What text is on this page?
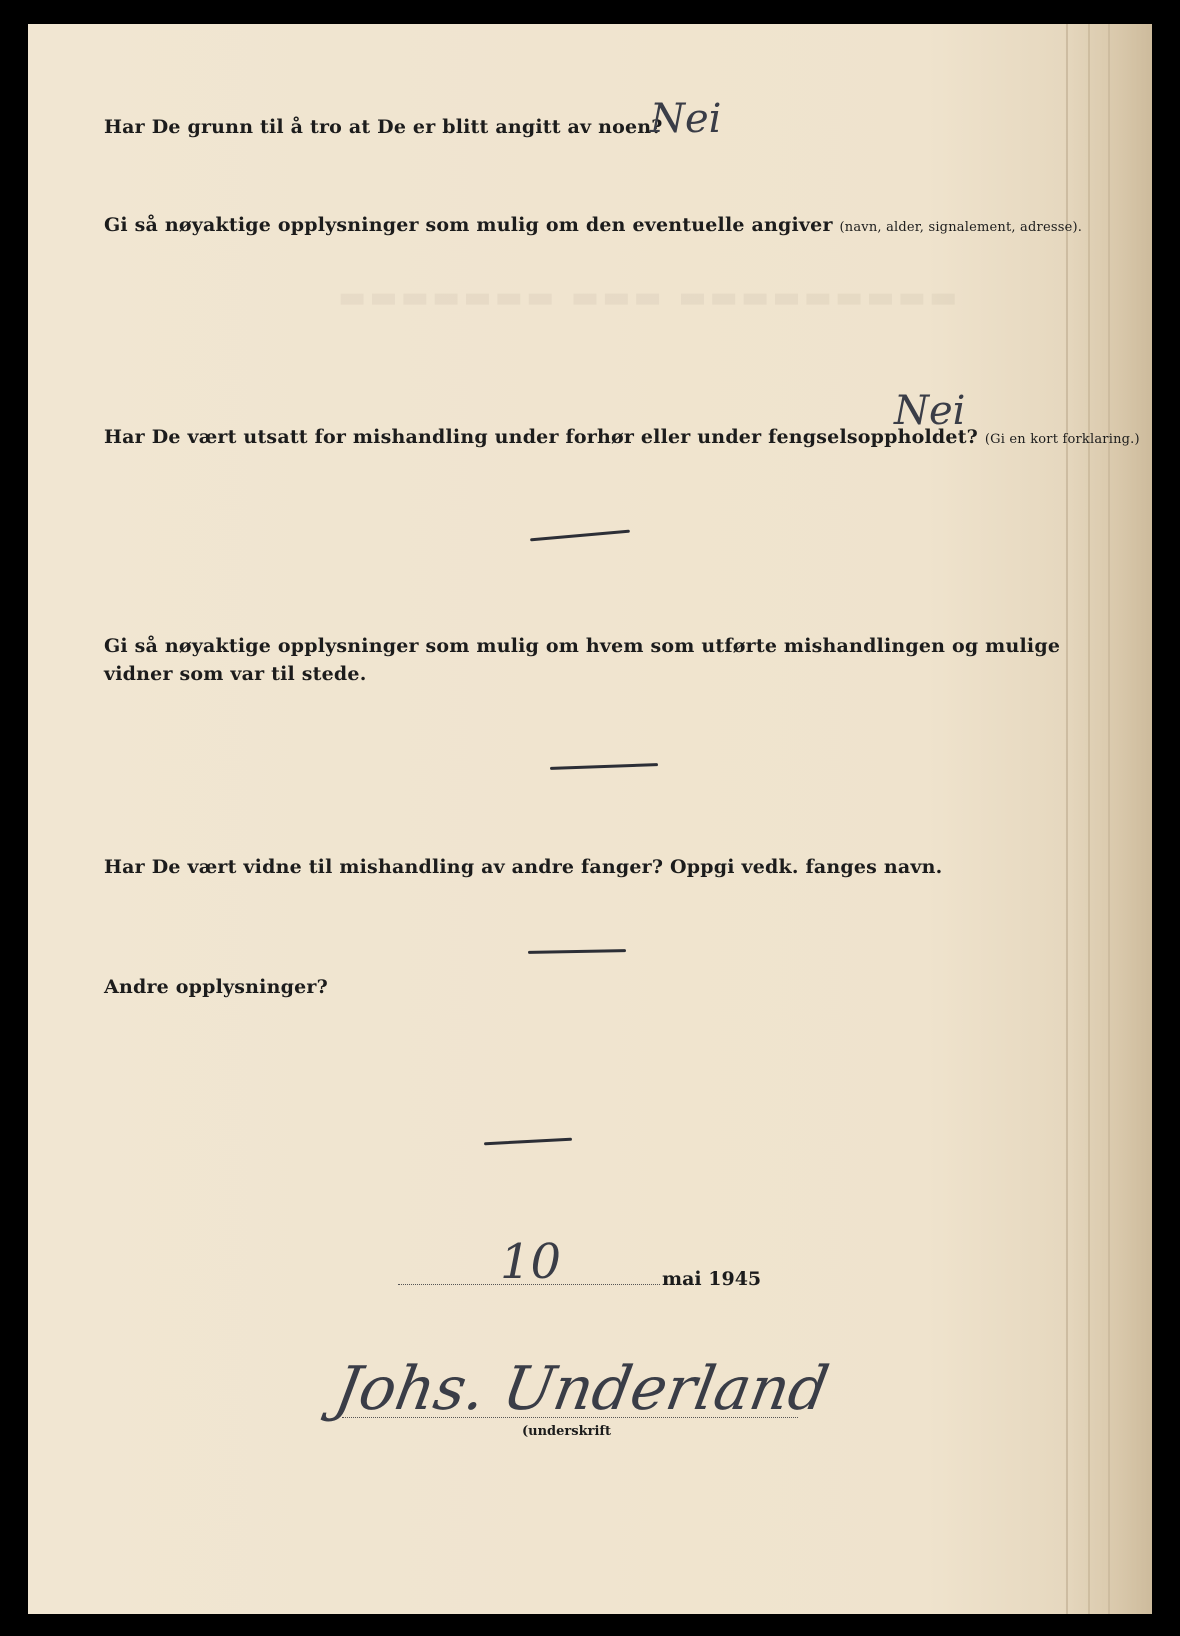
▬▬▬▬▬▬▬ ▬▬▬ ▬▬▬▬▬▬▬▬▬
Har De grunn til å tro at De er blitt angitt av noen?
Nei
Gi så nøyaktige opplysninger som mulig om den eventuelle angiver (navn, alder, signalement, adresse).
Nei
Har De vært utsatt for mishandling under forhør eller under fengselsoppholdet? (Gi en kort forklaring.)
Gi så nøyaktige opplysninger som mulig om hvem som utførte mishandlingen og mulige vidner som var til stede.
Har De vært vidne til mishandling av andre fanger? Oppgi vedk. fanges navn.
Andre opplysninger?
10	mai 1945
Johs. Underland
(underskrift
